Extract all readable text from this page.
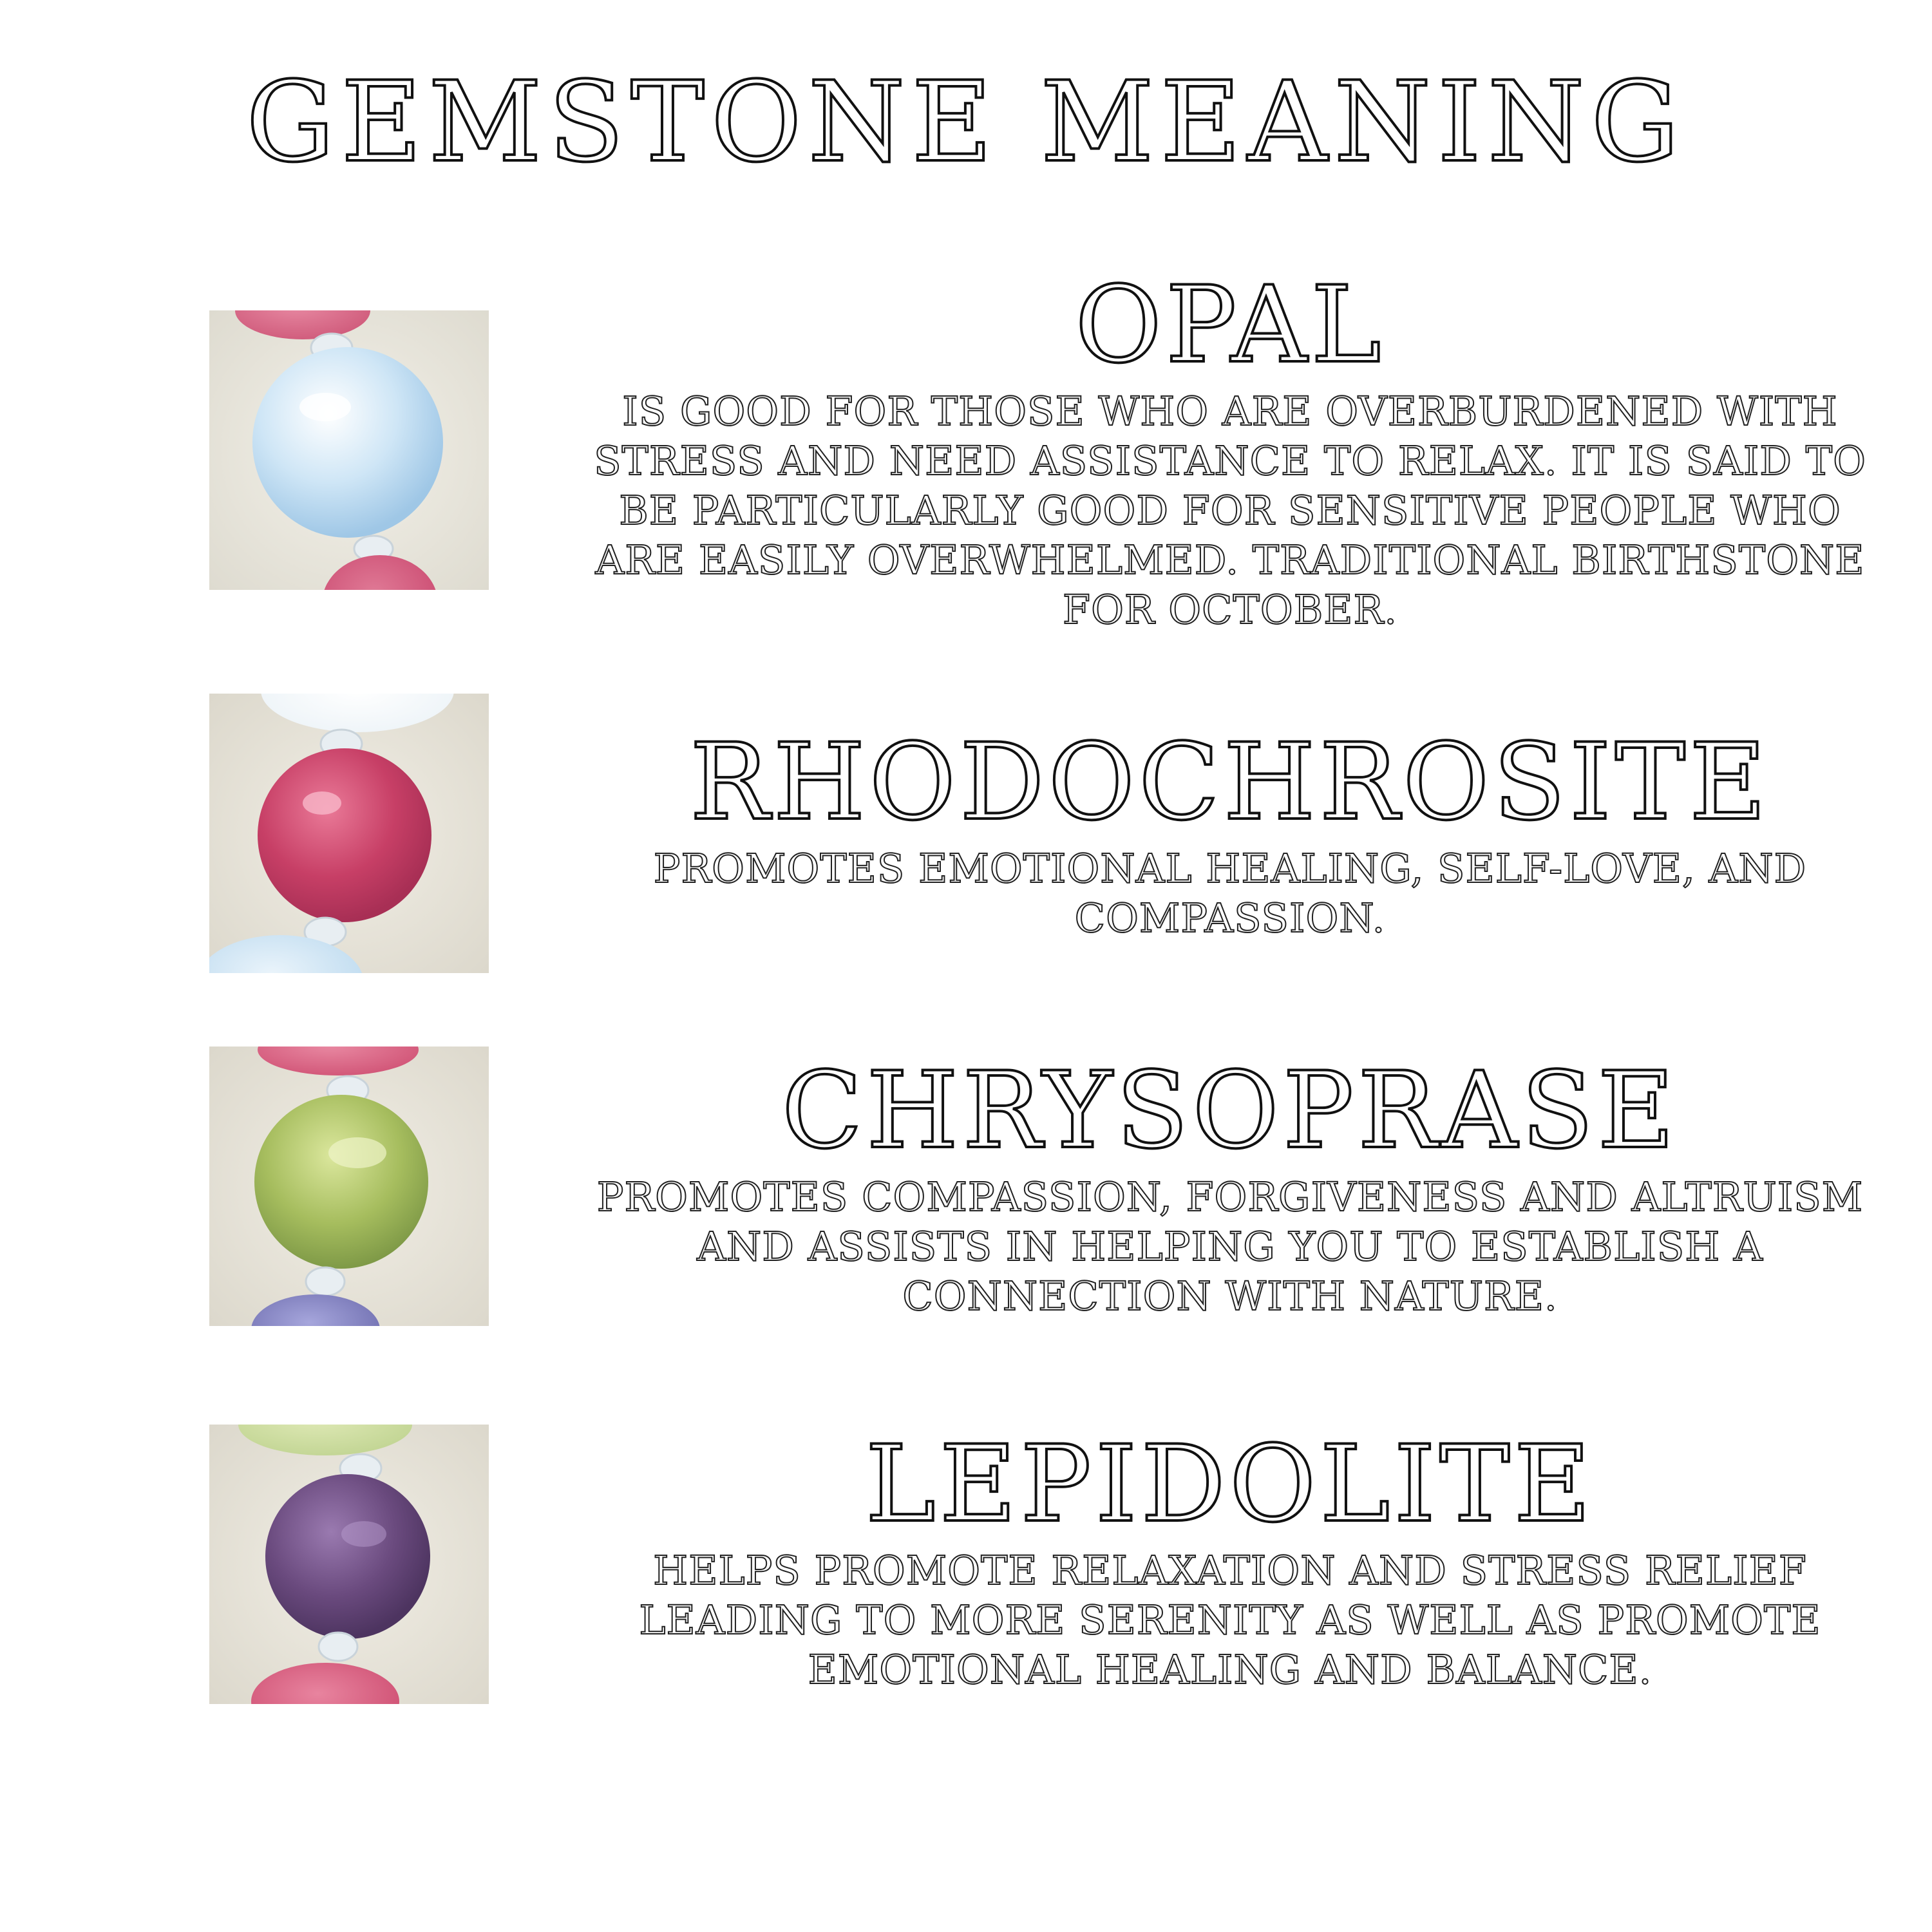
GEMSTONE MEANING
OPAL

IS GOOD FOR THOSE WHO ARE OVERBURDENED WITH STRESS AND NEED ASSISTANCE TO RELAX. IT IS SAID TO BE PARTICULARLY GOOD FOR SENSITIVE PEOPLE WHO ARE EASILY OVERWHELMED. TRADITIONAL BIRTHSTONE FOR OCTOBER.

RHODOCHROSITE

PROMOTES EMOTIONAL HEALING, SELF-LOVE, AND COMPASSION.

CHRYSOPRASE

PROMOTES COMPASSION, FORGIVENESS AND ALTRUISM AND ASSISTS IN HELPING YOU TO ESTABLISH A CONNECTION WITH NATURE.

LEPIDOLITE

HELPS PROMOTE RELAXATION AND STRESS RELIEF LEADING TO MORE SERENITY AS WELL AS PROMOTE EMOTIONAL HEALING AND BALANCE.
